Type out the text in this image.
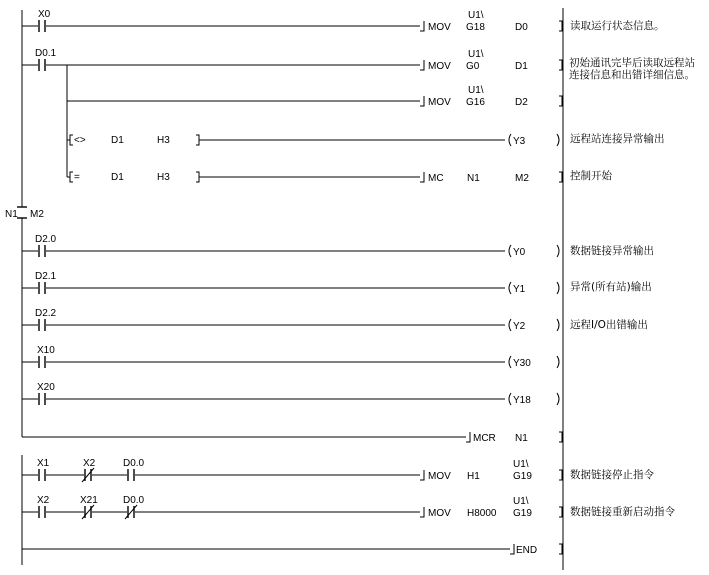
X0
MOV
U1\
G18	D0	读取运行状态信息。
D0.1
MOV
U1\
G0	D1	初始通讯完毕后读取远程站
连接信息和出错详细信息。
MOV
U1\
G16	D2
<>	D1	H3	Y3	远程站连接异常输出
=	D1	H3	MC N1	M2	控制开始
N1 M2
D2.0
Y0	数据链接异常输出
D2.1
Y1	异常(所有站)输出
D2.2
Y2	远程I/O出错输出
X10
Y30
X20
Y18
MCR N1
X1	X2	D0.0
MOV H1
U1\
G19	数据链接停止指令
X2	X21	D0.0
MOV H8000
U1\
G19	数据链接重新启动指令
END
